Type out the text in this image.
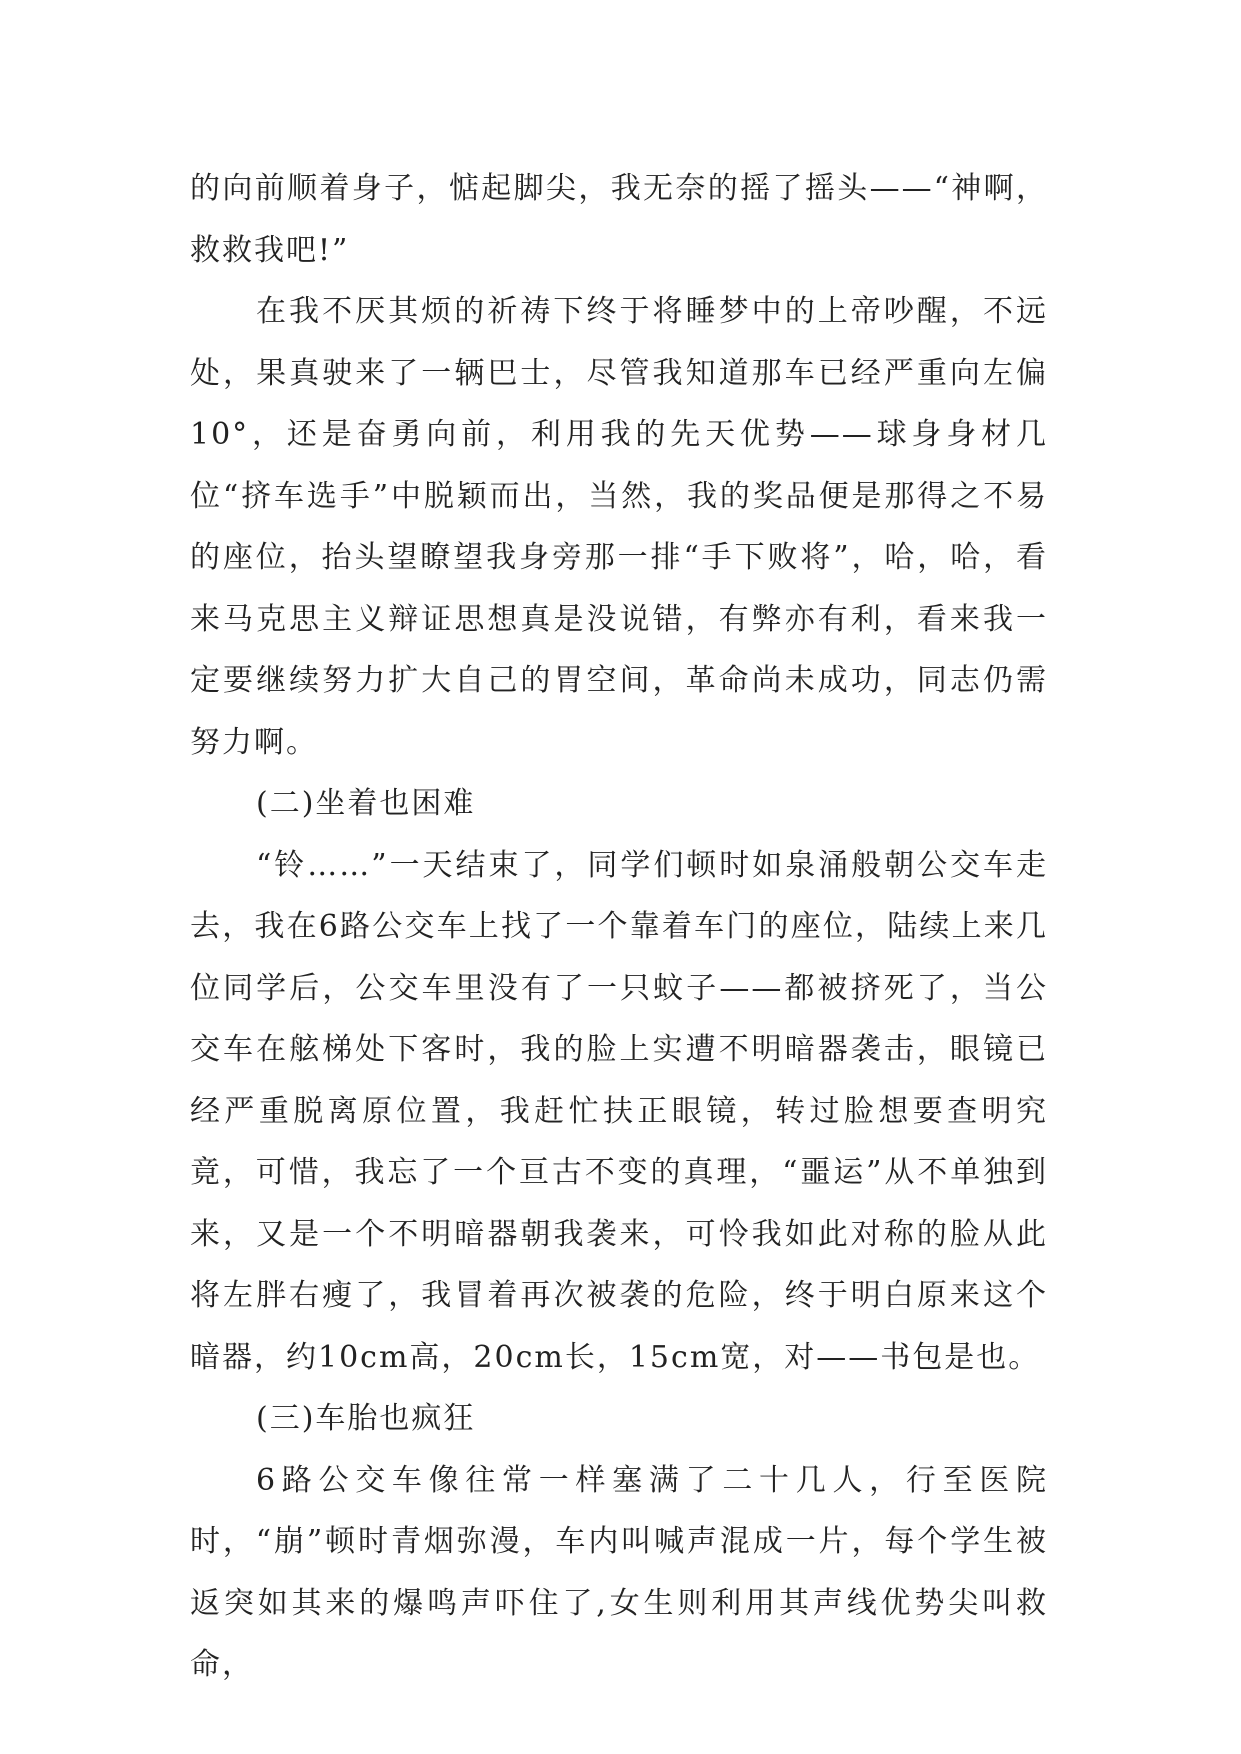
的向前顺着身子，惦起脚尖，我无奈的摇了摇头——“神啊，救救我吧!”

在我不厌其烦的祈祷下终于将睡梦中的上帝吵醒，不远处，果真驶来了一辆巴士，尽管我知道那车已经严重向左偏10°，还是奋勇向前，利用我的先天优势——球身身材几位“挤车选手”中脱颖而出，当然，我的奖品便是那得之不易的座位，抬头望瞭望我身旁那一排“手下败将”，哈，哈，看来马克思主义辩证思想真是没说错，有弊亦有利，看来我一定要继续努力扩大自己的胃空间，革命尚未成功，同志仍需努力啊。

(二)坐着也困难

“铃……”一天结束了，同学们顿时如泉涌般朝公交车走去，我在6路公交车上找了一个靠着车门的座位，陆续上来几位同学后，公交车里没有了一只蚊子——都被挤死了，当公交车在舷梯处下客时，我的脸上实遭不明暗器袭击，眼镜已经严重脱离原位置，我赶忙扶正眼镜，转过脸想要查明究竟，可惜，我忘了一个亘古不变的真理，“噩运”从不单独到来，又是一个不明暗器朝我袭来，可怜我如此对称的脸从此将左胖右瘦了，我冒着再次被袭的危险，终于明白原来这个暗器，约10cm高，20cm长，15cm宽，对——书包是也。

(三)车胎也疯狂

6路公交车像往常一样塞满了二十几人，行至医院时，“崩”顿时青烟弥漫，车内叫喊声混成一片，每个学生被返突如其来的爆鸣声吓住了,女生则利用其声线优势尖叫救命，
